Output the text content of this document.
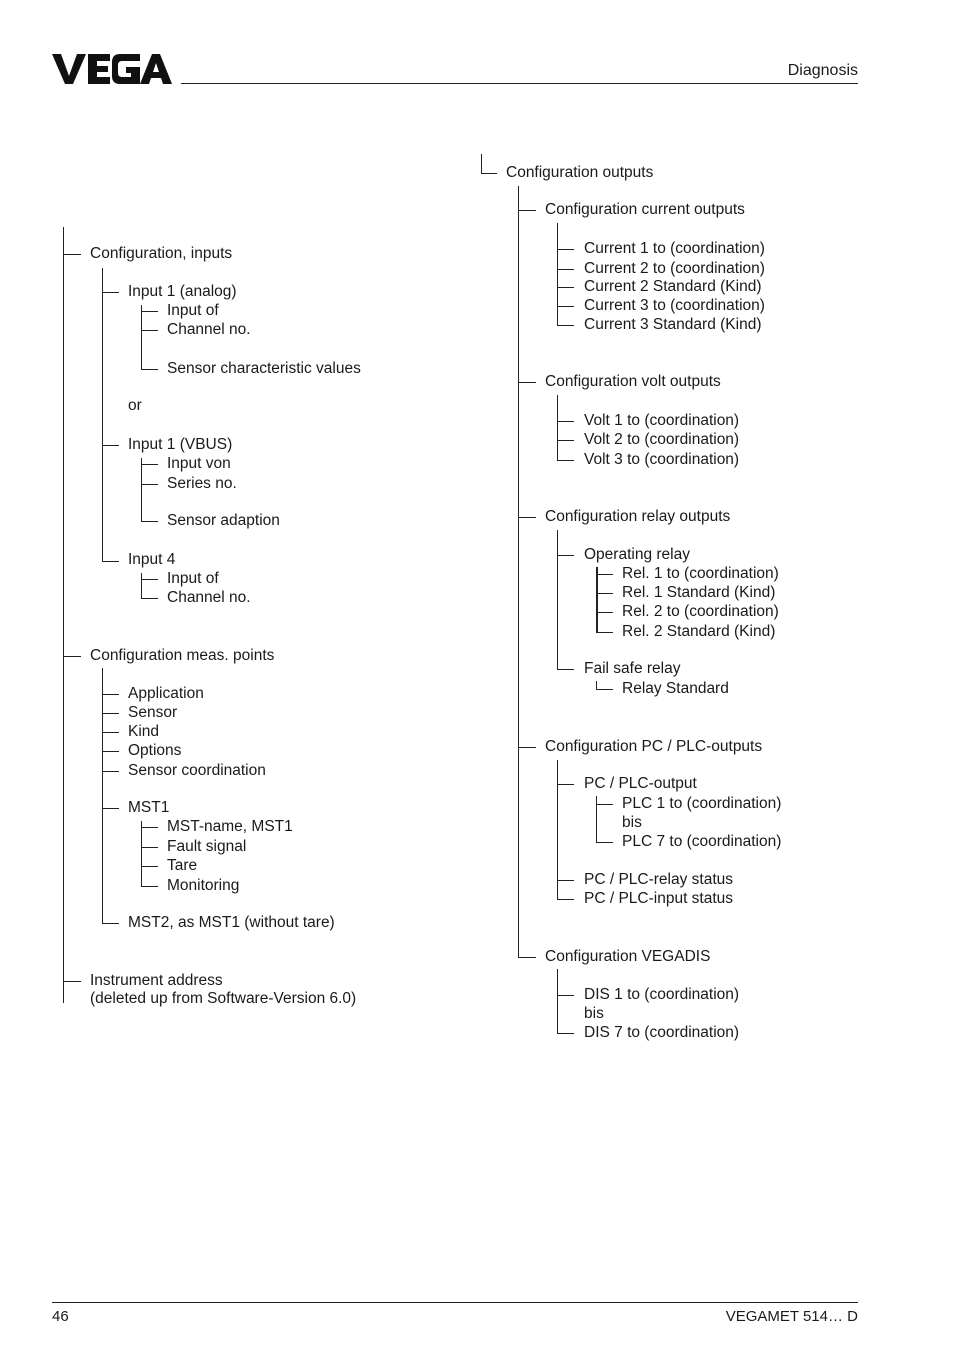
Diagnosis
Configuration, inputs
Input 1 (analog)
Input of
Channel no.
Sensor characteristic values
or
Input 1 (VBUS)
Input von
Series no.
Sensor adaption
Input 4
Input of
Channel no.
Configuration meas. points
Application
Sensor
Kind
Options
Sensor coordination
MST1
MST-name, MST1
Fault signal
Tare
Monitoring
MST2, as MST1 (without tare)
Instrument address
(deleted up from Software-Version 6.0)
Configuration outputs
Configuration current outputs
Current 1 to (coordination)
Current 2 to (coordination)
Current 2 Standard (Kind)
Current 3 to (coordination)
Current 3 Standard (Kind)
Configuration volt outputs
Volt 1 to (coordination)
Volt 2 to (coordination)
Volt 3 to (coordination)
Configuration relay outputs
Operating relay
Rel. 1 to (coordination)
Rel. 1 Standard (Kind)
Rel. 2 to (coordination)
Rel. 2 Standard (Kind)
Fail safe relay
Relay Standard
Configuration PC / PLC-outputs
PC / PLC-output
PLC 1 to (coordination)
bis
PLC 7 to (coordination)
PC / PLC-relay status
PC / PLC-input status
Configuration VEGADIS
DIS 1 to (coordination)
bis
DIS 7 to (coordination)
46	VEGAMET 514… D
